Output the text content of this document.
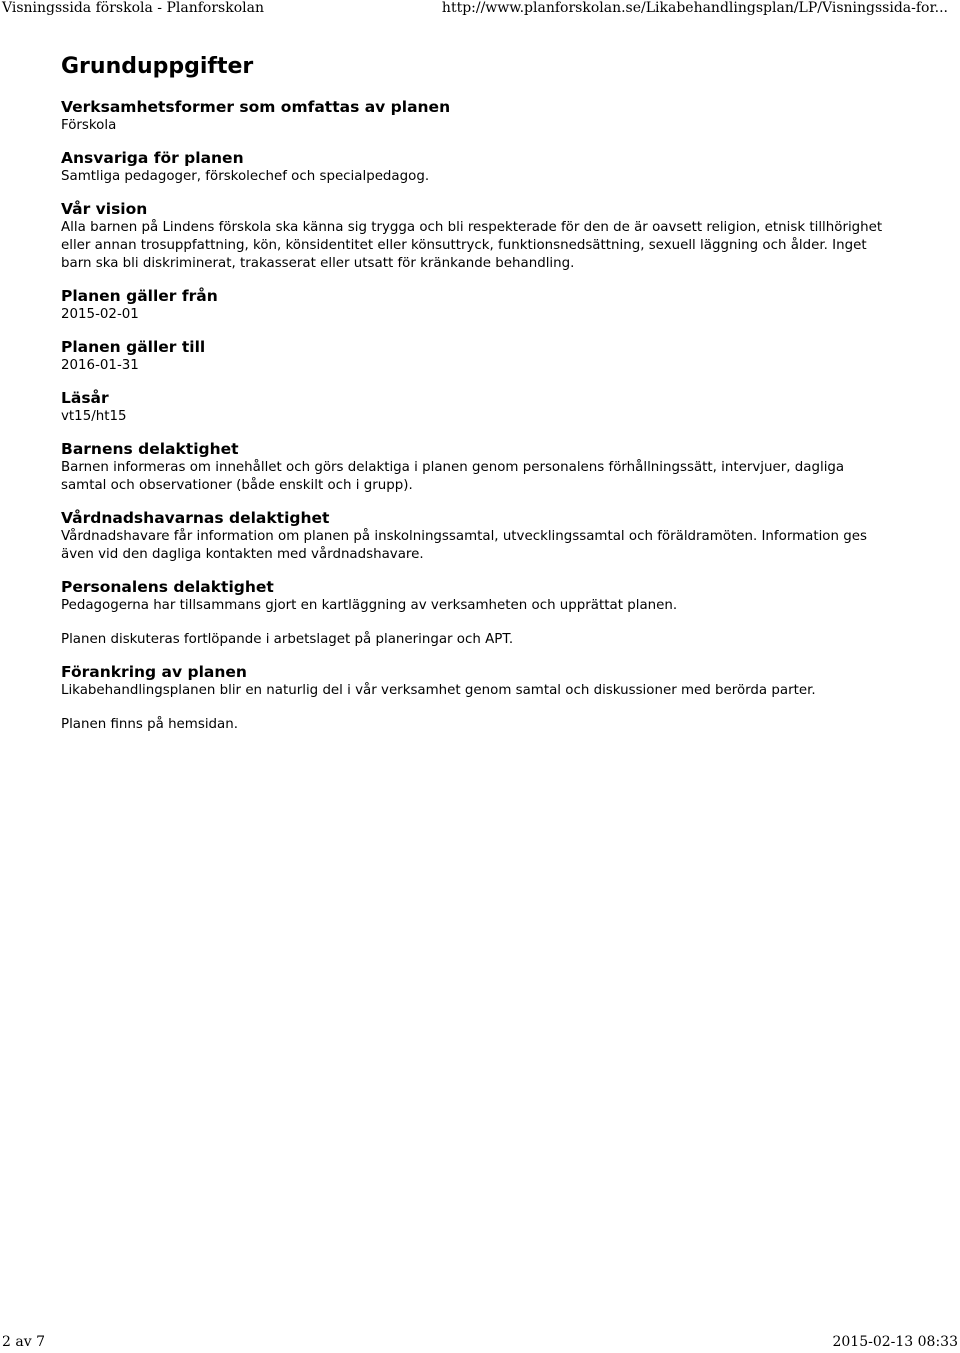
Visningssida förskola - Planforskolan	http://www.planforskolan.se/Likabehandlingsplan/LP/Visningssida-for...
Grunduppgifter
Verksamhetsformer som omfattas av planen

Förskola

Ansvariga för planen

Samtliga pedagoger, förskolechef och specialpedagog.

Vår vision

Alla barnen på Lindens förskola ska känna sig trygga och bli respekterade för den de är oavsett religion, etnisk tillhörighet eller annan trosuppfattning, kön, könsidentitet eller könsuttryck, funktionsnedsättning, sexuell läggning och ålder. Inget barn ska bli diskriminerat, trakasserat eller utsatt för kränkande behandling.

Planen gäller från

2015-02-01

Planen gäller till

2016-01-31

Läsår

vt15/ht15

Barnens delaktighet

Barnen informeras om innehållet och görs delaktiga i planen genom personalens förhållningssätt, intervjuer, dagliga samtal och observationer (både enskilt och i grupp).

Vårdnadshavarnas delaktighet

Vårdnadshavare får information om planen på inskolningssamtal, utvecklingssamtal och föräldramöten. Information ges även vid den dagliga kontakten med vårdnadshavare.

Personalens delaktighet

Pedagogerna har tillsammans gjort en kartläggning av verksamheten och upprättat planen.

Planen diskuteras fortlöpande i arbetslaget på planeringar och APT.

Förankring av planen

Likabehandlingsplanen blir en naturlig del i vår verksamhet genom samtal och diskussioner med berörda parter.

Planen finns på hemsidan.

2 av 7	2015-02-13 08:33
